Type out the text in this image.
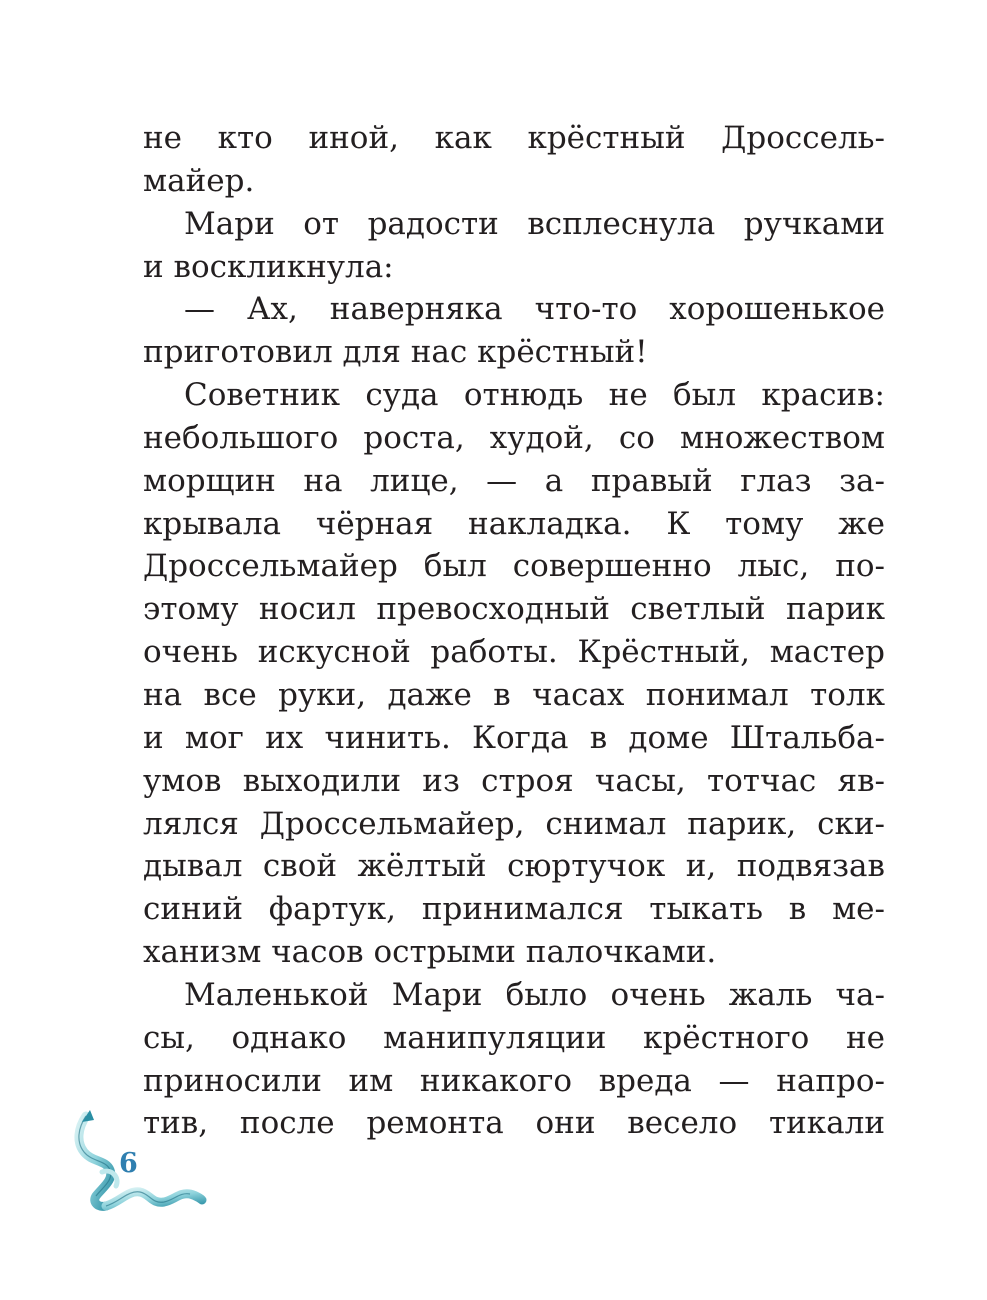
не кто иной, как крёстный Дроссель-
майер.
Мари от радости всплеснула ручками
и воскликнула:
— Ах, наверняка что-то хорошенькое
приготовил для нас крёстный!
Советник суда отнюдь не был красив:
небольшого роста, худой, со множеством
морщин на лице, — а правый глаз за-
крывала чёрная накладка. К тому же
Дроссельмайер был совершенно лыс, по-
этому носил превосходный светлый парик
очень искусной работы. Крёстный, мастер
на все руки, даже в часах понимал толк
и мог их чинить. Когда в доме Штальба-
умов выходили из строя часы, тотчас яв-
лялся Дроссельмайер, снимал парик, ски-
дывал свой жёлтый сюртучок и, подвязав
синий фартук, принимался тыкать в ме-
ханизм часов острыми палочками.
Маленькой Мари было очень жаль ча-
сы, однако манипуляции крёстного не
приносили им никакого вреда — напро-
тив, после ремонта они весело тикали
6
